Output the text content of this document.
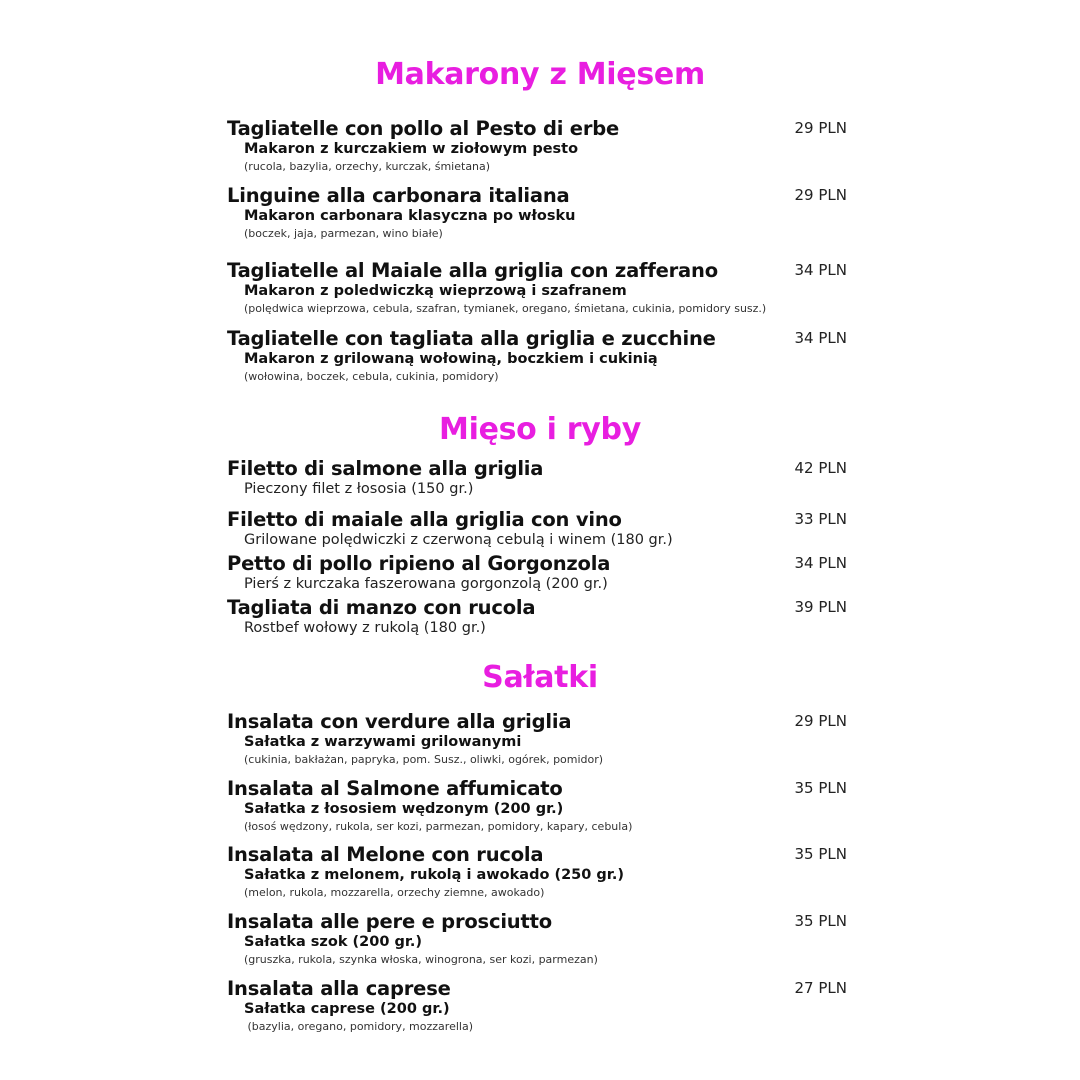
Makarony z Mięsem
Tagliatelle con pollo al Pesto di erbe
Makaron z kurczakiem w ziołowym pesto
(rucola, bazylia, orzechy, kurczak, śmietana)
29 PLN
Linguine alla carbonara italiana
Makaron carbonara klasyczna po włosku
(boczek, jaja, parmezan, wino białe)
29 PLN
Tagliatelle al Maiale alla griglia con zafferano
Makaron z poledwiczką wieprzową i szafranem
(polędwica wieprzowa, cebula, szafran, tymianek, oregano, śmietana, cukinia, pomidory susz.)
34 PLN
Tagliatelle con tagliata alla griglia e zucchine
Makaron z grilowaną wołowiną, boczkiem i cukinią
(wołowina, boczek, cebula, cukinia, pomidory)
34 PLN
Mięso i ryby
Filetto di salmone alla griglia
Pieczony filet z łososia (150 gr.)
42 PLN
Filetto di maiale alla griglia con vino
Grilowane polędwiczki z czerwoną cebulą i winem (180 gr.)
33 PLN
Petto di pollo ripieno al Gorgonzola
Pierś z kurczaka faszerowana gorgonzolą (200 gr.)
34 PLN
Tagliata di manzo con rucola
Rostbef wołowy z rukolą (180 gr.)
39 PLN
Sałatki
Insalata con verdure alla griglia
Sałatka z warzywami grilowanymi
(cukinia, bakłażan, papryka, pom. Susz., oliwki, ogórek, pomidor)
29 PLN
Insalata al Salmone affumicato
Sałatka z łososiem wędzonym (200 gr.)
(łosoś wędzony, rukola, ser kozi, parmezan, pomidory, kapary, cebula)
35 PLN
Insalata al Melone con rucola
Sałatka z melonem, rukolą i awokado (250 gr.)
(melon, rukola, mozzarella, orzechy ziemne, awokado)
35 PLN
Insalata alle pere e prosciutto
Sałatka szok (200 gr.)
(gruszka, rukola, szynka włoska, winogrona, ser kozi, parmezan)
35 PLN
Insalata alla caprese
Sałatka caprese (200 gr.)
(bazylia, oregano, pomidory, mozzarella)
27 PLN
